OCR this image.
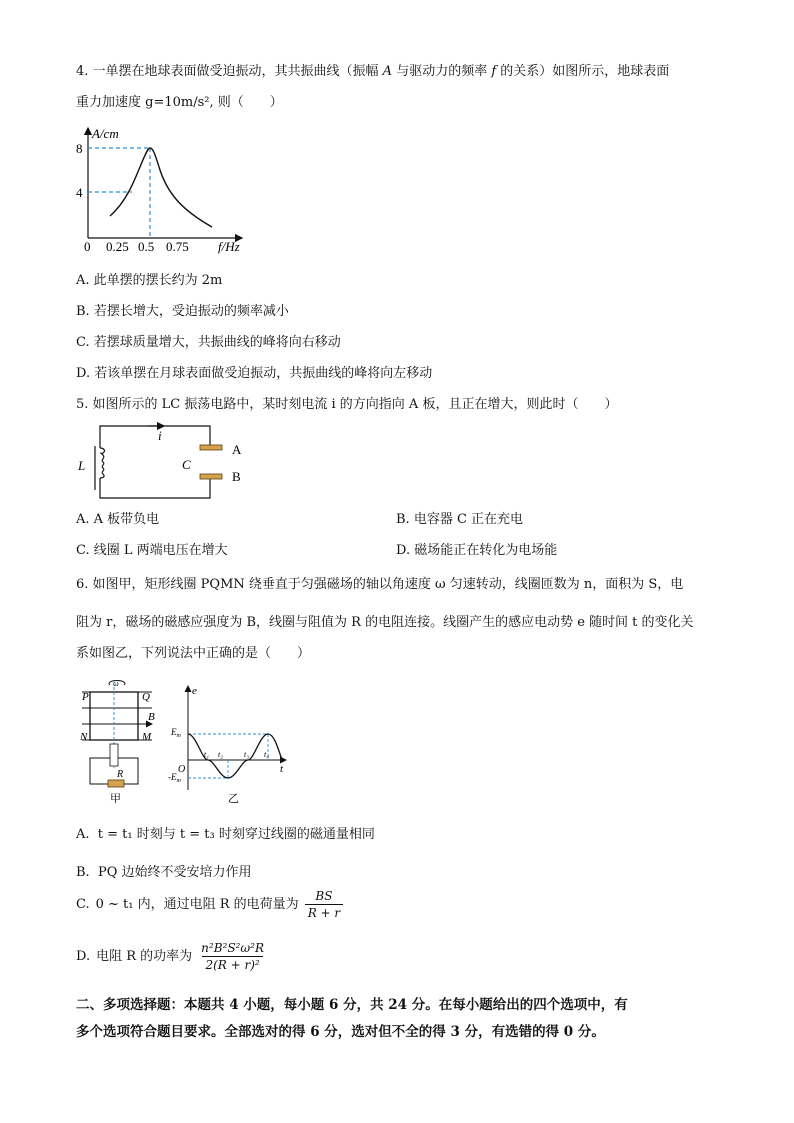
4. 一单摆在地球表面做受迫振动，其共振曲线（振幅 A 与驱动力的频率 f 的关系）如图所示，地球表面
重力加速度 g=10m/s², 则（　　）
A/cm
f/Hz
8
4
0 0.25 0.5 0.75
A. 此单摆的摆长约为 2m
B. 若摆长增大，受迫振动的频率减小
C. 若摆球质量增大，共振曲线的峰将向右移动
D. 若该单摆在月球表面做受迫振动，共振曲线的峰将向左移动
5. 如图所示的 LC 振荡电路中，某时刻电流 i 的方向指向 A 板，且正在增大，则此时（　　）
L
i
C
A
B
A. A 板带负电	B. 电容器 C 正在充电
C. 线圈 L 两端电压在增大	D. 磁场能正在转化为电场能
6. 如图甲，矩形线圈 PQMN 绕垂直于匀强磁场的轴以角速度 ω 匀速转动，线圈匝数为 n，面积为 S，电
阻为 r，磁场的磁感应强度为 B，线圈与阻值为 R 的电阻连接。线圈产生的感应电动势 e 随时间 t 的变化关
系如图乙，下列说法中正确的是（　　）
ω
P	Q
N	M
B
R
甲
e
t
O
$E_m$
$-E_m$
t₁ t₂	t₃ t₄
乙
A. t = t₁ 时刻与 t = t₃ 时刻穿过线圈的磁通量相同
B. PQ 边始终不受安培力作用
C. 0 ~ t₁ 内，通过电阻 R 的电荷量为 $\frac{BS}{R + r}$
D. 电阻 R 的功率为 $\frac{\text{n²B²S²ω²R}}{\text{2(R + r)²}}$
二、多项选择题：本题共 4 小题，每小题 6 分，共 24 分。在每小题给出的四个选项中，有
多个选项符合题目要求。全部选对的得 6 分，选对但不全的得 3 分，有选错的得 0 分。
